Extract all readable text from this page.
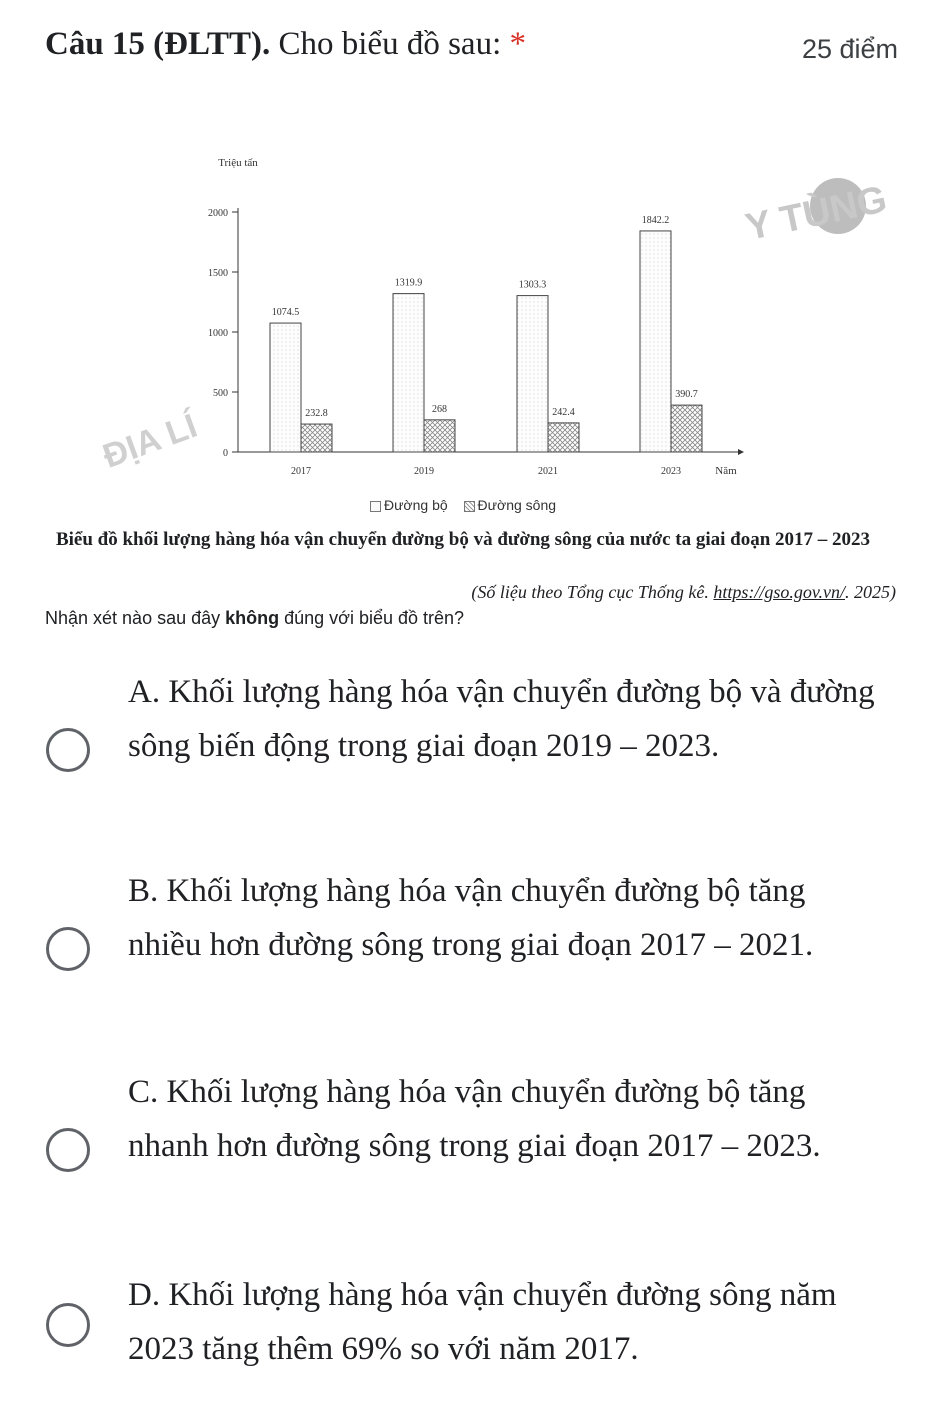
Câu 15 (ĐLTT). Cho biểu đồ sau: *	25 điểm
Triệu tấn
Năm
0
500
1000
1500
2000
2017
1074.5
232.8
2019
1319.9
268
2021
1303.3
242.4
2023
1842.2
390.7
Y TÙNG
ĐỊA LÍ
Đường bộ Đường sông
Biểu đồ khối lượng hàng hóa vận chuyển đường bộ và đường sông của nước ta giai đoạn 2017 – 2023
(Số liệu theo Tổng cục Thống kê. https://gso.gov.vn/. 2025)
Nhận xét nào sau đây không đúng với biểu đồ trên?
A. Khối lượng hàng hóa vận chuyển đường bộ và đường sông biến động trong giai đoạn 2019 – 2023.
B. Khối lượng hàng hóa vận chuyển đường bộ tăng nhiều hơn đường sông trong giai đoạn 2017 – 2021.
C. Khối lượng hàng hóa vận chuyển đường bộ tăng nhanh hơn đường sông trong giai đoạn 2017 – 2023.
D. Khối lượng hàng hóa vận chuyển đường sông năm 2023 tăng thêm 69% so với năm 2017.
